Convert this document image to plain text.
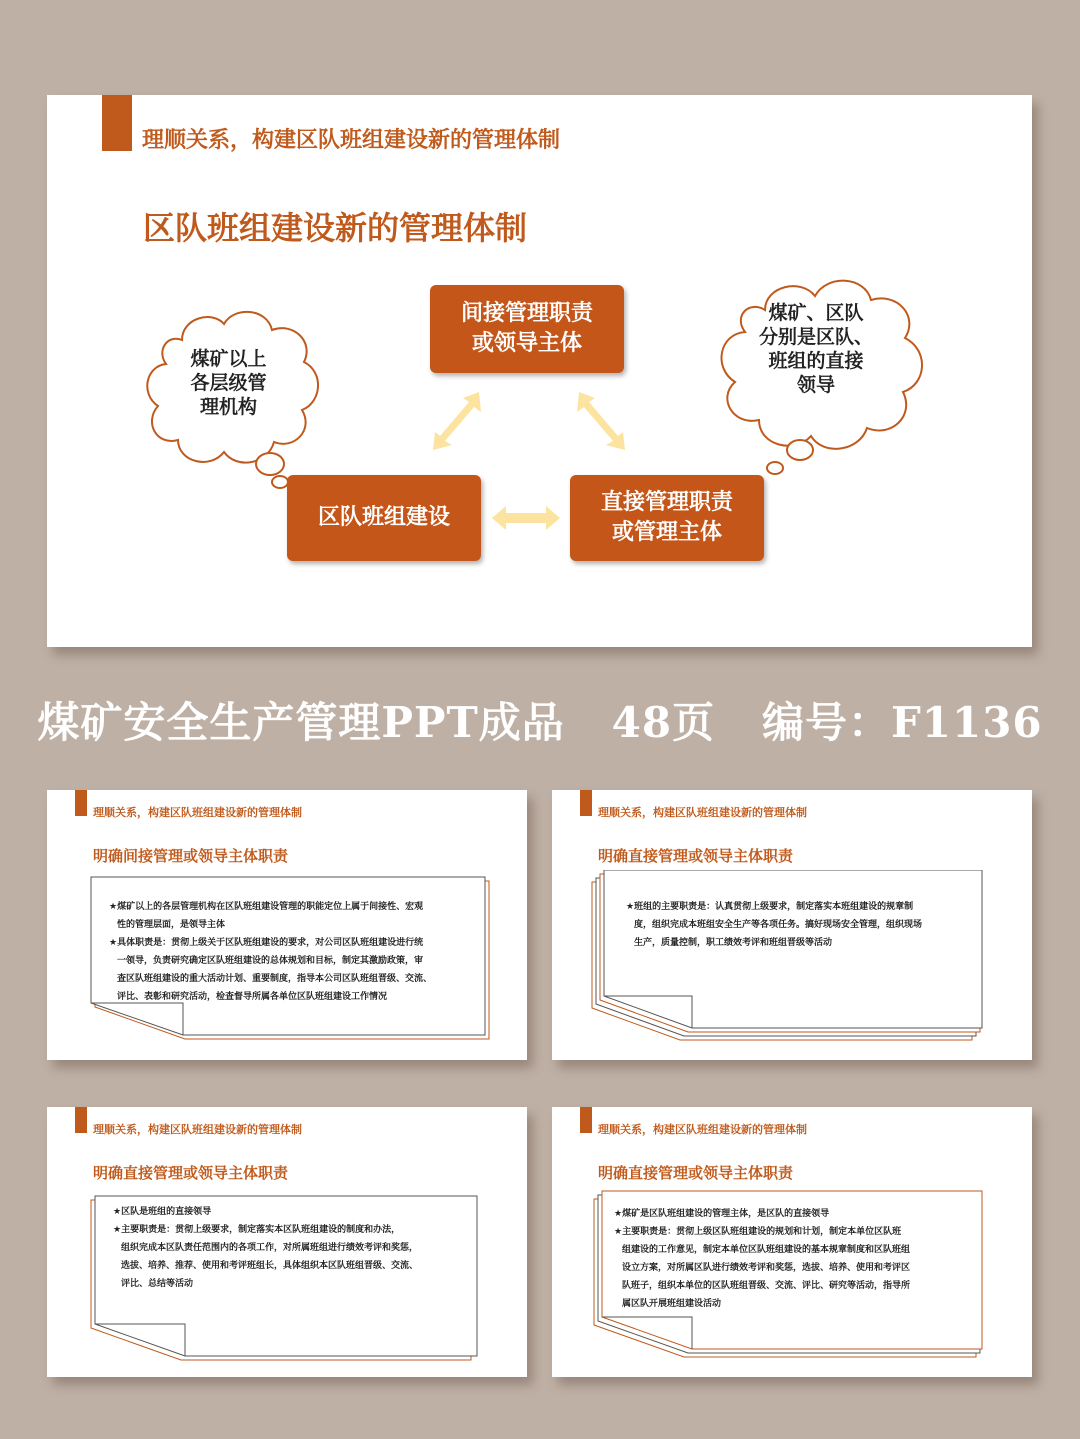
理顺关系，构建区队班组建设新的管理体制
区队班组建设新的管理体制
煤矿以上
各层级管
理机构
煤矿、区队
分别是区队、
班组的直接
领导
间接管理职责
或领导主体
区队班组建设
直接管理职责
或管理主体
煤矿安全生产管理PPT成品   48页   编号：F1136
理顺关系，构建区队班组建设新的管理体制
明确间接管理或领导主体职责

★煤矿以上的各层管理机构在区队班组建设管理的职能定位上属于间接性、宏观

性的管理层面，是领导主体

★具体职责是：贯彻上级关于区队班组建设的要求，对公司区队班组建设进行统

一领导，负责研究确定区队班组建设的总体规划和目标，制定其激励政策，审

查区队班组建设的重大活动计划、重要制度，指导本公司区队班组晋级、交流、

评比、表彰和研究活动，检查督导所属各单位区队班组建设工作情况

理顺关系，构建区队班组建设新的管理体制
明确直接管理或领导主体职责

★班组的主要职责是：认真贯彻上级要求，制定落实本班组建设的规章制

度，组织完成本班组安全生产等各项任务。搞好现场安全管理，组织现场

生产，质量控制，职工绩效考评和班组晋级等活动

理顺关系，构建区队班组建设新的管理体制
明确直接管理或领导主体职责

★区队是班组的直接领导

★主要职责是：贯彻上级要求，制定落实本区队班组建设的制度和办法，

组织完成本区队责任范围内的各项工作，对所属班组进行绩效考评和奖惩，

选拔、培养、推荐、使用和考评班组长，具体组织本区队班组晋级、交流、

评比、总结等活动

理顺关系，构建区队班组建设新的管理体制
明确直接管理或领导主体职责

★煤矿是区队班组建设的管理主体，是区队的直接领导

★主要职责是：贯彻上级区队班组建设的规划和计划，制定本单位区队班

组建设的工作意见，制定本单位区队班组建设的基本规章制度和区队班组

设立方案，对所属区队进行绩效考评和奖惩，选拔、培养、使用和考评区

队班子，组织本单位的区队班组晋级、交流、评比、研究等活动，指导所

属区队开展班组建设活动
